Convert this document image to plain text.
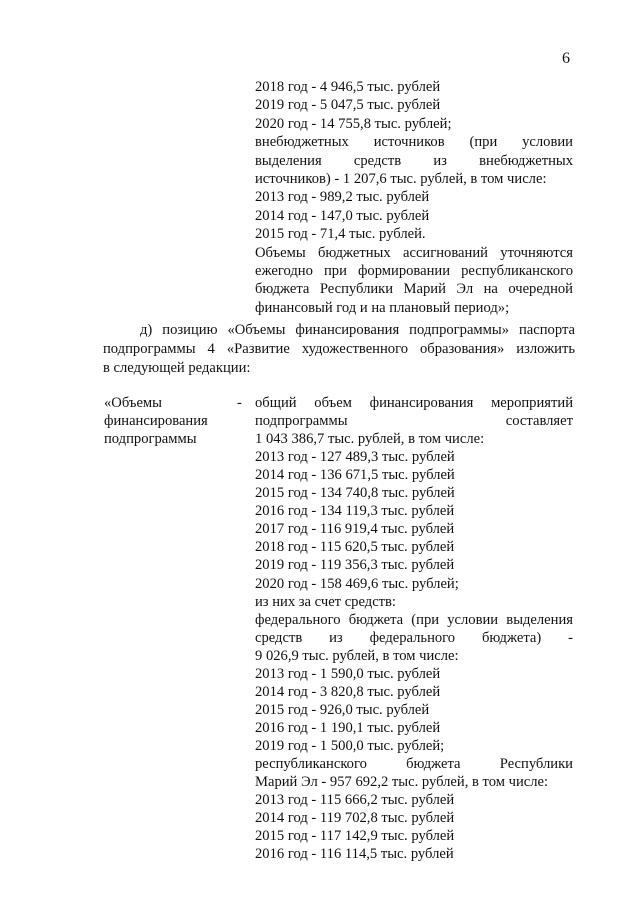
6
2018 год - 4 946,5 тыс. рублей
2019 год - 5 047,5 тыс. рублей
2020 год - 14 755,8 тыс. рублей;
внебюджетных источников (при условии
выделения средств из внебюджетных
источников) - 1 207,6 тыс. рублей, в том числе:
2013 год - 989,2 тыс. рублей
2014 год - 147,0 тыс. рублей
2015 год - 71,4 тыс. рублей.
Объемы бюджетных ассигнований уточняются
ежегодно при формировании республиканского
бюджета Республики Марий Эл на очередной
финансовый год и на плановый период»;
д) позицию «Объемы финансирования подпрограммы» паспорта
подпрограммы 4 «Развитие художественного образования» изложить
в следующей редакции:
«Объемы
финансирования
подпрограммы
- общий объем финансирования мероприятий
подпрограммы составляет
1 043 386,7 тыс. рублей, в том числе:
2013 год - 127 489,3 тыс. рублей
2014 год - 136 671,5 тыс. рублей
2015 год - 134 740,8 тыс. рублей
2016 год - 134 119,3 тыс. рублей
2017 год - 116 919,4 тыс. рублей
2018 год - 115 620,5 тыс. рублей
2019 год - 119 356,3 тыс. рублей
2020 год - 158 469,6 тыс. рублей;
из них за счет средств:
федерального бюджета (при условии выделения
средств из федерального бюджета) -
9 026,9 тыс. рублей, в том числе:
2013 год - 1 590,0 тыс. рублей
2014 год - 3 820,8 тыс. рублей
2015 год - 926,0 тыс. рублей
2016 год - 1 190,1 тыс. рублей
2019 год - 1 500,0 тыс. рублей;
республиканского бюджета Республики
Марий Эл - 957 692,2 тыс. рублей, в том числе:
2013 год - 115 666,2 тыс. рублей
2014 год - 119 702,8 тыс. рублей
2015 год - 117 142,9 тыс. рублей
2016 год - 116 114,5 тыс. рублей
